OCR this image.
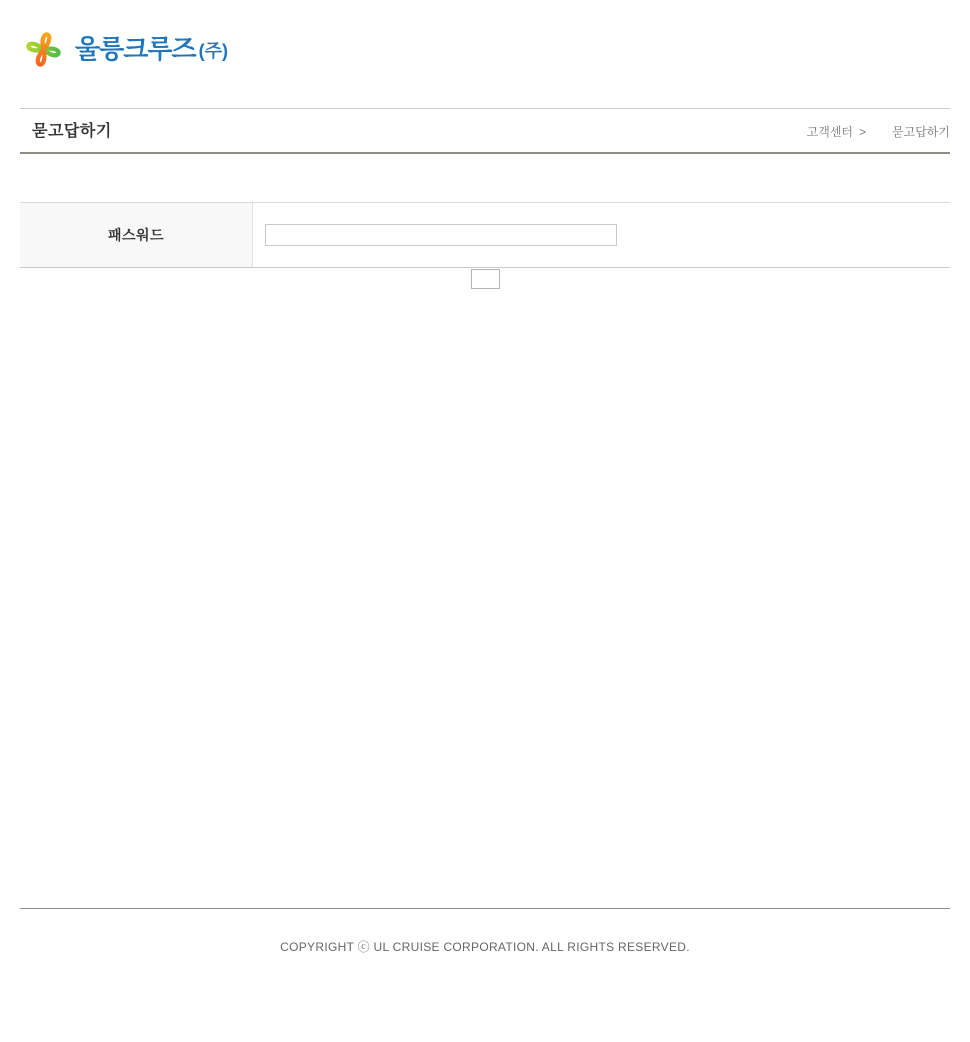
울릉크루즈 (주)
묻고답하기	고객센터 > 묻고답하기
패스워드
COPYRIGHT ⓒ UL CRUISE CORPORATION. ALL RIGHTS RESERVED.
